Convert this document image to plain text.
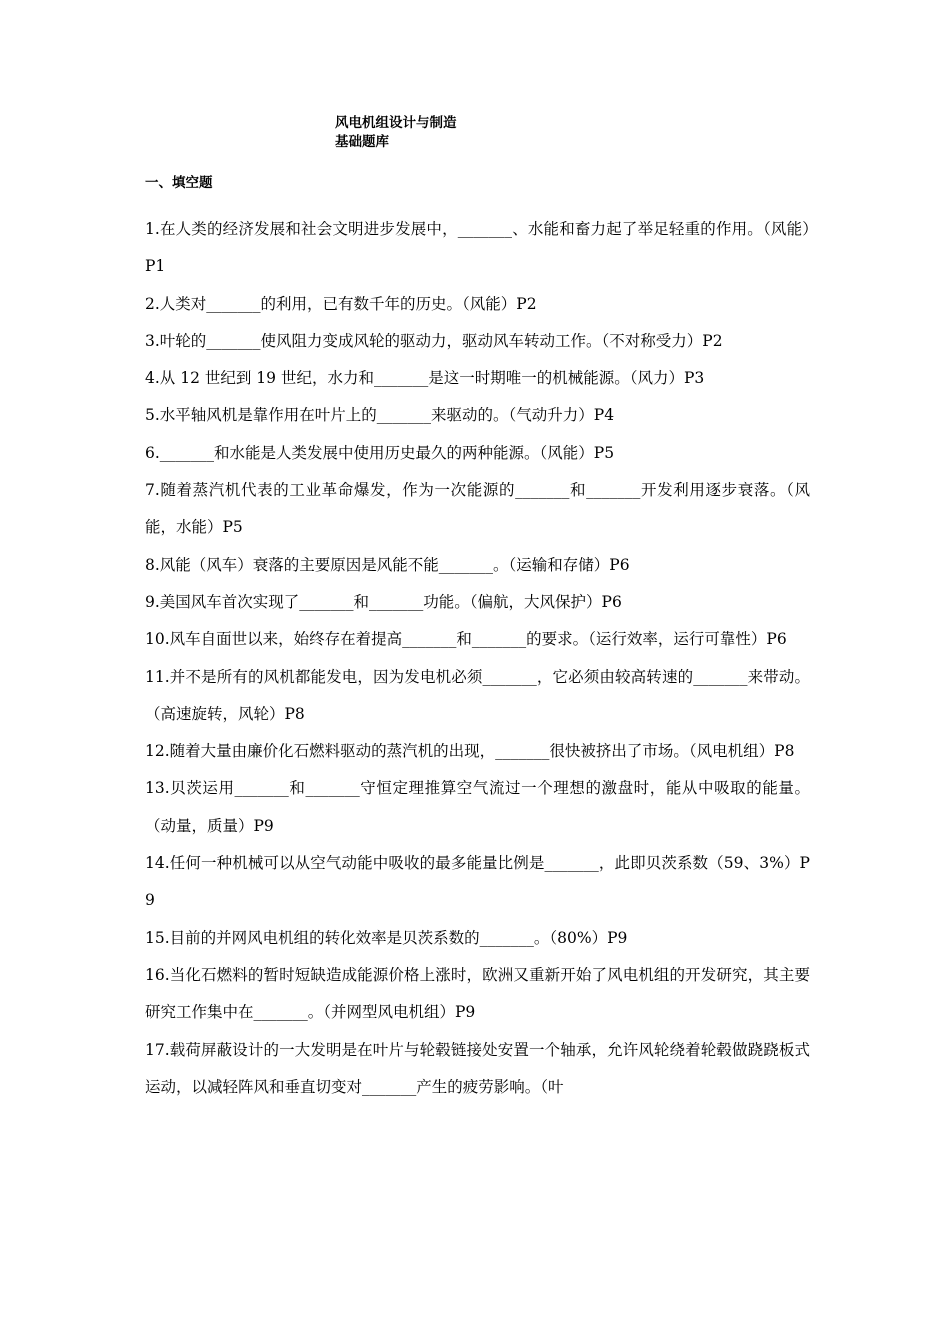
风电机组设计与制造
基础题库
一、填空题

1.在人类的经济发展和社会文明进步发展中，_______、水能和畜力起了举足轻重的作用。（风能）P1

2.人类对_______的利用，已有数千年的历史。（风能）P2

3.叶轮的_______使风阻力变成风轮的驱动力，驱动风车转动工作。（不对称受力）P2

4.从 12 世纪到 19 世纪，水力和_______是这一时期唯一的机械能源。（风力）P3

5.水平轴风机是靠作用在叶片上的_______来驱动的。（气动升力）P4

6._______和水能是人类发展中使用历史最久的两种能源。（风能）P5

7.随着蒸汽机代表的工业革命爆发，作为一次能源的_______和_______开发利用逐步衰落。（风能，水能）P5

8.风能（风车）衰落的主要原因是风能不能_______。（运输和存储）P6

9.美国风车首次实现了_______和_______功能。（偏航，大风保护）P6

10.风车自面世以来，始终存在着提高_______和_______的要求。（运行效率，运行可靠性）P6

11.并不是所有的风机都能发电，因为发电机必须_______，它必须由较高转速的_______来带动。（高速旋转，风轮）P8

12.随着大量由廉价化石燃料驱动的蒸汽机的出现，_______很快被挤出了市场。（风电机组）P8

13.贝茨运用_______和_______守恒定理推算空气流过一个理想的激盘时，能从中吸取的能量。（动量，质量）P9

14.任何一种机械可以从空气动能中吸收的最多能量比例是_______，此即贝茨系数（59、3%）P9

15.目前的并网风电机组的转化效率是贝茨系数的_______。（80%）P9

16.当化石燃料的暂时短缺造成能源价格上涨时，欧洲又重新开始了风电机组的开发研究，其主要研究工作集中在_______。（并网型风电机组）P9

17.载荷屏蔽设计的一大发明是在叶片与轮毂链接处安置一个轴承，允许风轮绕着轮毂做跷跷板式运动，以减轻阵风和垂直切变对_______产生的疲劳影响。（叶
